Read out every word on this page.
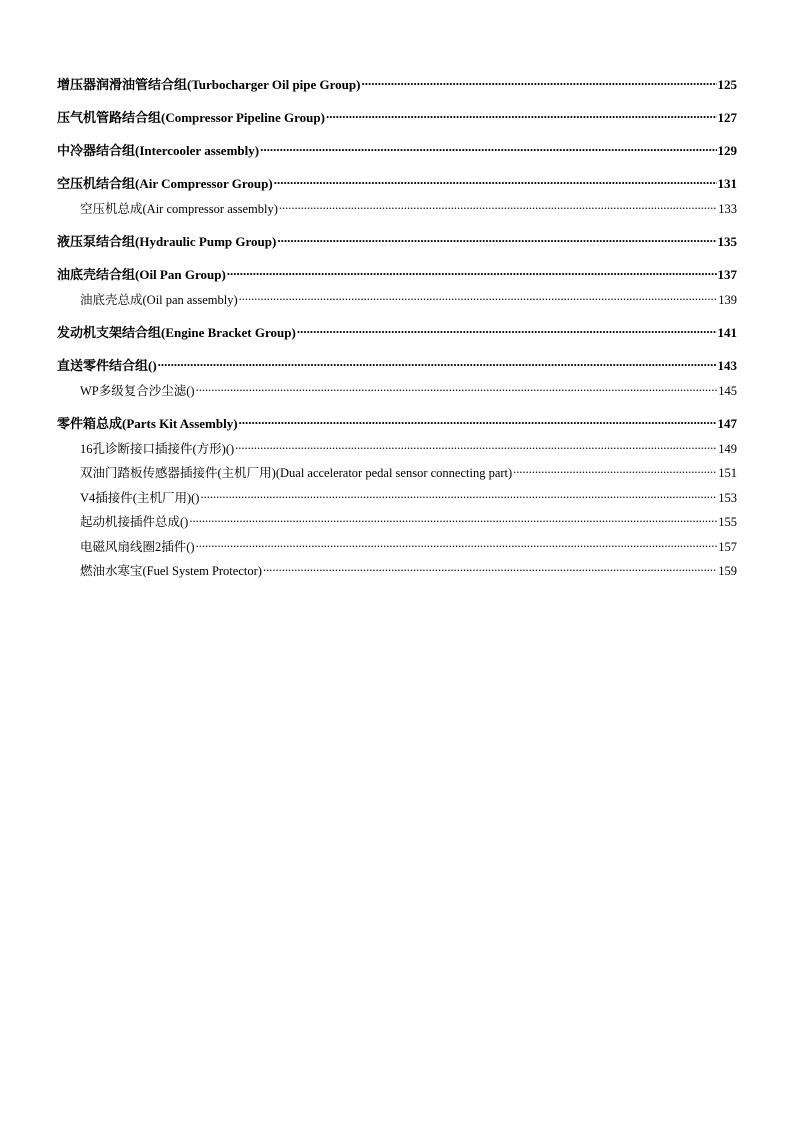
增压器润滑油管结合组(Turbocharger Oil pipe Group) .....	125
压气机管路结合组(Compressor Pipeline Group) .....	127
中冷器结合组(Intercooler assembly) .....	129
空压机结合组(Air Compressor Group) .....	131
空压机总成(Air compressor assembly) .....	133
液压泵结合组(Hydraulic Pump Group) .....	135
油底壳结合组(Oil Pan Group) .....	137
油底壳总成(Oil pan assembly) .....	139
发动机支架结合组(Engine Bracket Group) .....	141
直送零件结合组() .....	143
WP多级复合沙尘滤() .....	145
零件箱总成(Parts Kit Assembly) .....	147
16孔诊断接口插接件(方形)() .....	149
双油门踏板传感器插接件(主机厂用)(Dual accelerator pedal sensor connecting part) .....	151
V4插接件(主机厂用)() .....	153
起动机接插件总成() .....	155
电磁风扇线圈2插件() .....	157
燃油水寒宝(Fuel System Protector) .....	159
